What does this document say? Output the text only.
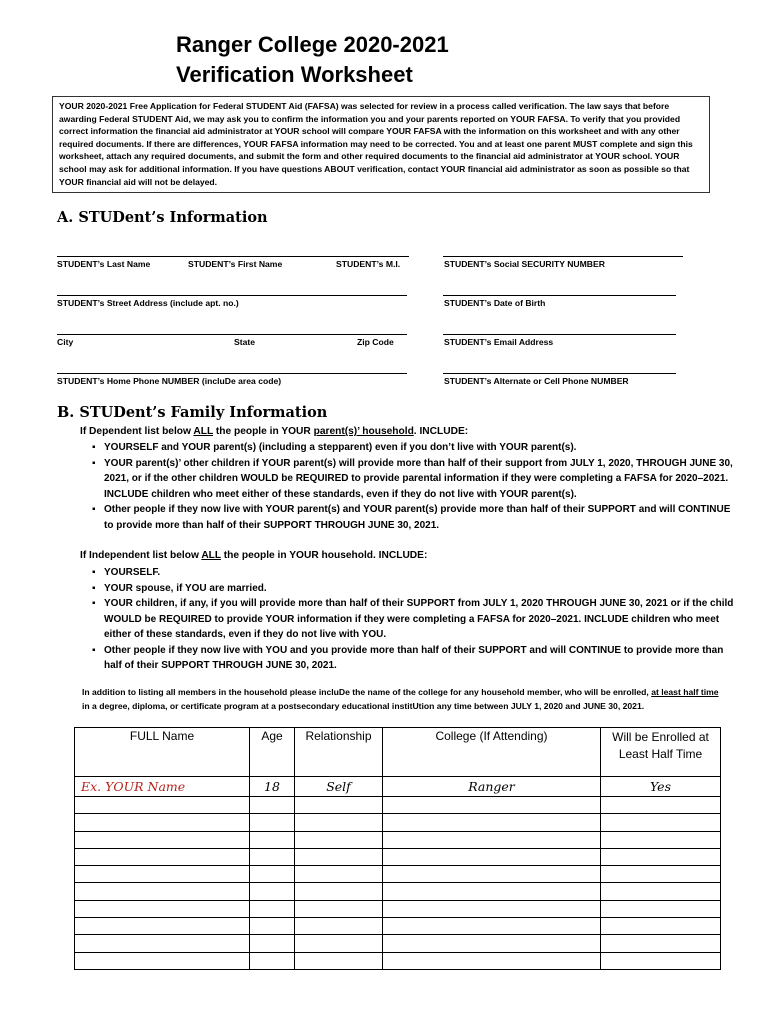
Ranger College 2020-2021
Verification Worksheet
YOUR 2020-2021 Free Application for Federal STUDENT Aid (FAFSA) was selected for review in a process called verification. The law says that before awarding Federal STUDENT Aid, we may ask you to confirm the information you and your parents reported on YOUR FAFSA. To verify that you provided correct information the financial aid administrator at YOUR school will compare YOUR FAFSA with the information on this worksheet and with any other required documents. If there are differences, YOUR FAFSA information may need to be corrected. You and at least one parent MUST complete and sign this worksheet, attach any required documents, and submit the form and other required documents to the financial aid administrator at YOUR school. YOUR school may ask for additional information. If you have questions ABOUT verification, contact YOUR financial aid administrator as soon as possible so that YOUR financial aid will not be delayed.
A. STUDent’s Information
STUDENT’s Last Name	STUDENT’s First Name	STUDENT’s M.I.	STUDENT’s Social SECURITY NUMBER
STUDENT’s Street Address (include apt. no.)	STUDENT’s Date of Birth
City	State	Zip Code	STUDENT’s Email Address
STUDENT’s Home Phone NUMBER (incluDe area code)	STUDENT’s Alternate or Cell Phone NUMBER
B. STUDent’s Family Information
If Dependent list below ALL the people in YOUR parent(s)’ household. INCLUDE:
▪ YOURSELF and YOUR parent(s) (including a stepparent) even if you don’t live with YOUR parent(s).
▪ YOUR parent(s)’ other children if YOUR parent(s) will provide more than half of their support from JULY 1, 2020, THROUGH JUNE 30, 2021, or if the other children WOULD be REQUIRED to provide parental information if they were completing a FAFSA for 2020–2021. INCLUDE children who meet either of these standards, even if they do not live with YOUR parent(s).
▪ Other people if they now live with YOUR parent(s) and YOUR parent(s) provide more than half of their SUPPORT and will CONTINUE to provide more than half of their SUPPORT THROUGH JUNE 30, 2021.
If Independent list below ALL the people in YOUR household. INCLUDE:
▪ YOURSELF.
▪ YOUR spouse, if YOU are married.
▪ YOUR children, if any, if you will provide more than half of their SUPPORT from JULY 1, 2020 THROUGH JUNE 30, 2021 or if the child WOULD be REQUIRED to provide YOUR information if they were completing a FAFSA for 2020–2021. INCLUDE children who meet either of these standards, even if they do not live with YOU.
▪ Other people if they now live with YOU and you provide more than half of their SUPPORT and will CONTINUE to provide more than half of their SUPPORT THROUGH JUNE 30, 2021.
In addition to listing all members in the household please incluDe the name of the college for any household member, who will be enrolled, at least half time in a degree, diploma, or certificate program at a postsecondary educational institUtion any time between JULY 1, 2020 and JUNE 30, 2021.
FULL Name	Age	Relationship	College (If Attending)	Will be Enrolled at Least Half Time
Ex. YOUR Name	18	Self	Ranger	Yes
